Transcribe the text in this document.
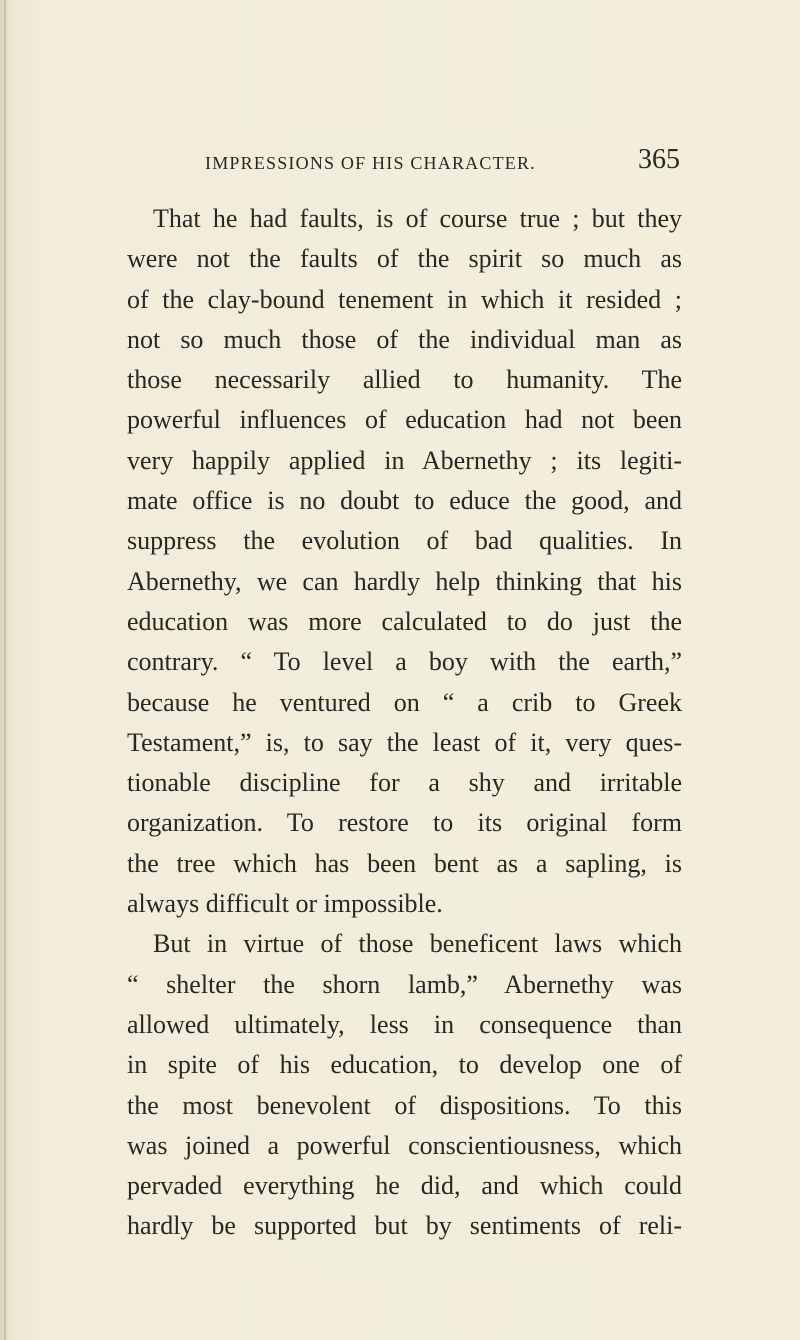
IMPRESSIONS OF HIS CHARACTER.	365
That he had faults, is of course true ; but they
were not the faults of the spirit so much as
of the clay-bound tenement in which it resided ;
not so much those of the individual man as
those necessarily allied to humanity. The
powerful influences of education had not been
very happily applied in Abernethy ; its legiti-
mate office is no doubt to educe the good, and
suppress the evolution of bad qualities. In
Abernethy, we can hardly help thinking that his
education was more calculated to do just the
contrary. “ To level a boy with the earth,”
because he ventured on “ a crib to Greek
Testament,” is, to say the least of it, very ques-
tionable discipline for a shy and irritable
organization. To restore to its original form
the tree which has been bent as a sapling, is
always difficult or impossible.
But in virtue of those beneficent laws which
“ shelter the shorn lamb,” Abernethy was
allowed ultimately, less in consequence than
in spite of his education, to develop one of
the most benevolent of dispositions. To this
was joined a powerful conscientiousness, which
pervaded everything he did, and which could
hardly be supported but by sentiments of reli-
